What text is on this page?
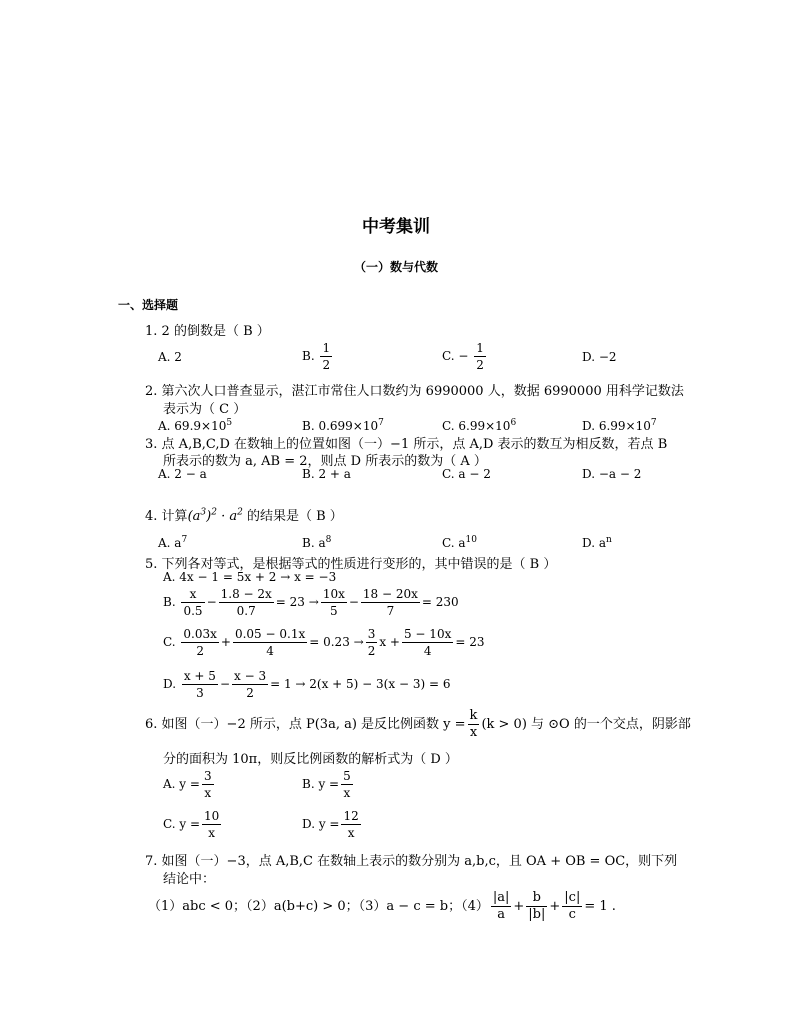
中考集训
（一）数与代数
一、选择题
1. 2 的倒数是（ B ）
A. 2	B. $\frac{1}{2}$	C. − $\frac{1}{2}$	D. −2
2. 第六次人口普查显示，湛江市常住人口数约为 6990000 人，数据 6990000 用科学记数法
表示为（ C ）
A. $69.9\times 10^5$	B. $0.699\times 10^7$	C. $6.99\times 10^6$	D. $6.99\times 10^7$
3. 点 A,B,C,D 在数轴上的位置如图（一）−1 所示，点 A,D 表示的数互为相反数，若点 B
所表示的数为 a, AB = 2，则点 D 所表示的数为（ A ）
A. 2 − a	B. 2 + a	C. a − 2	D. −a − 2
4. 计算$(a^3)^2 \cdot a^2$ 的结果是（ B ）
A. $a^7$	B. $a^8$	C. $a^{10}$	D. $a^n$
5. 下列各对等式，是根据等式的性质进行变形的，其中错误的是（ B ）
A. 4x − 1 = 5x + 2 → x = −3
B. $\frac{x}{0.5} - \frac{1.8 - 2x}{0.7} = 23 \to \frac{10x}{5} - \frac{18 - 20x}{7} = 230$
C. $\frac{0.03x}{2} + \frac{0.05 - 0.1x}{4} = 0.23 \to \frac{3}{2}$ $x + \frac{5 - 10x}{4} = 23$
D. $\frac{x + 5}{3} - \frac{x - 3}{2} = 1 \to 2(x + 5) - 3(x - 3) = 6$
6. 如图（一）−2 所示，点 P(3a, a) 是反比例函数 $y = \frac{k}{x} (k > 0)$ 与 ⊙O 的一个交点，阴影部
分的面积为 10π，则反比例函数的解析式为（ D ）
A. $y = \frac{3}{x}$	B. $y = \frac{5}{x}$
C. $y = \frac{10}{x}$	D. $y = \frac{12}{x}$
7. 如图（一）−3，点 A,B,C 在数轴上表示的数分别为 a,b,c，且 OA + OB = OC，则下列
结论中：
（1）abc < 0；（2）a(b+c) > 0；（3）a − c = b；$(4) \frac{|a|}{a} + \frac{b}{|b|} + \frac{|c|}{c} = 1$ .
